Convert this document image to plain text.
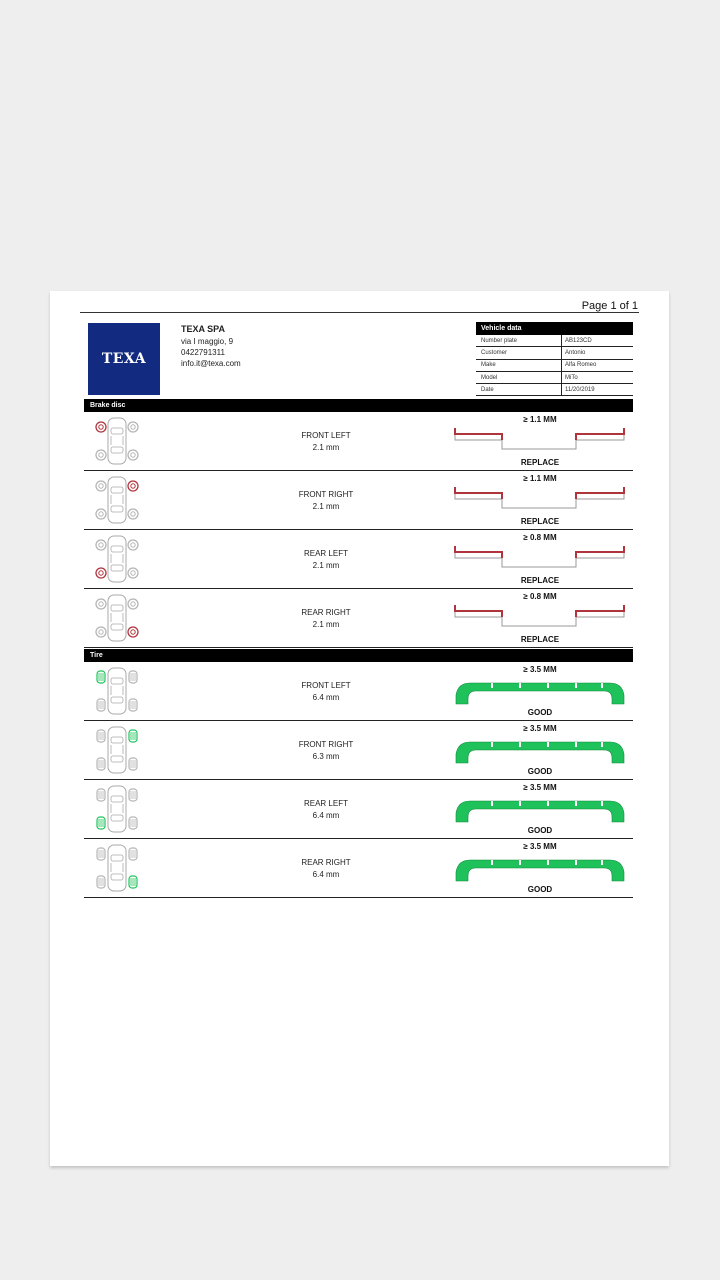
Page 1 of 1
TEXA
TEXA SPA
via I maggio, 9
0422791311
info.it@texa.com
Vehicle data
Number plate	AB123CD
Customer	Antonio
Make	Alfa Romeo
Model	MiTo
Date	11/20/2019
Brake disc
FRONT LEFT
2.1 mm
≥ 1.1 MM
REPLACE
FRONT RIGHT
2.1 mm
≥ 1.1 MM
REPLACE
REAR LEFT
2.1 mm
≥ 0.8 MM
REPLACE
REAR RIGHT
2.1 mm
≥ 0.8 MM
REPLACE
Tire
FRONT LEFT
6.4 mm
≥ 3.5 MM
GOOD
FRONT RIGHT
6.3 mm
≥ 3.5 MM
GOOD
REAR LEFT
6.4 mm
≥ 3.5 MM
GOOD
REAR RIGHT
6.4 mm
≥ 3.5 MM
GOOD
